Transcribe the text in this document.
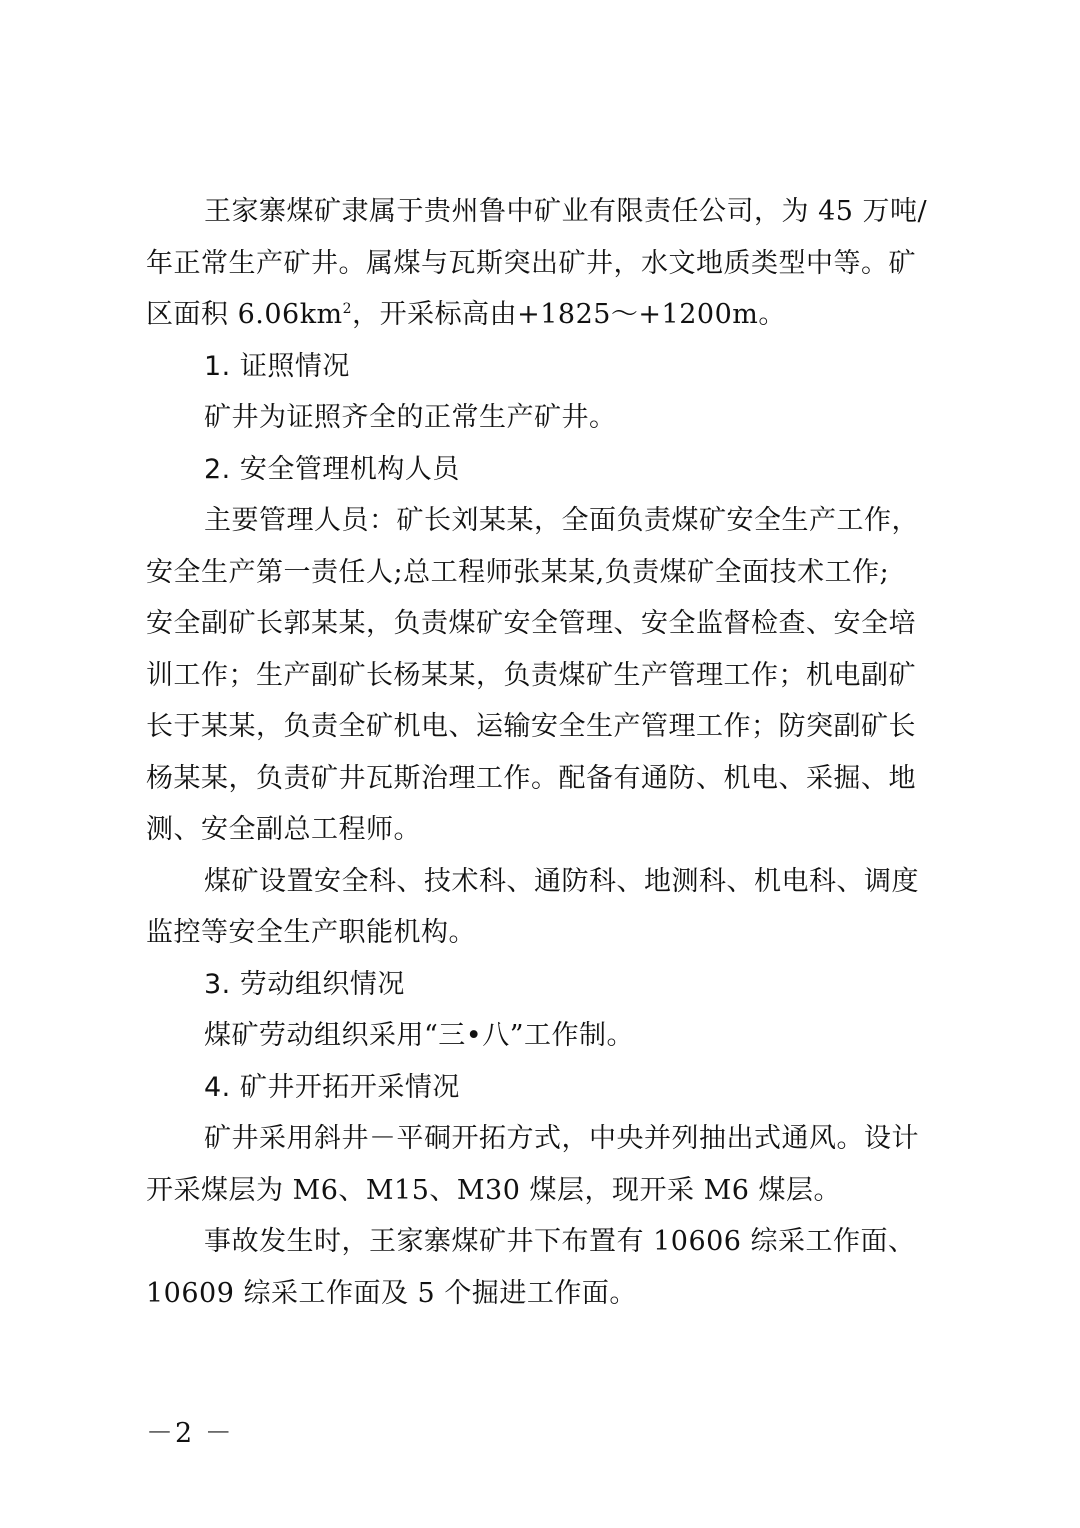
王家寨煤矿隶属于贵州鲁中矿业有限责任公司，为 45 万吨/
年正常生产矿井。属煤与瓦斯突出矿井，水文地质类型中等。矿
区面积 $6.06km^2$，开采标高由+1825～+1200m。
1. 证照情况
矿井为证照齐全的正常生产矿井。
2. 安全管理机构人员
主要管理人员：矿长刘某某，全面负责煤矿安全生产工作，
安全生产第一责任人;总工程师张某某,负责煤矿全面技术工作;
安全副矿长郭某某，负责煤矿安全管理、安全监督检查、安全培
训工作；生产副矿长杨某某，负责煤矿生产管理工作；机电副矿
长于某某，负责全矿机电、运输安全生产管理工作；防突副矿长
杨某某，负责矿井瓦斯治理工作。配备有通防、机电、采掘、地
测、安全副总工程师。
煤矿设置安全科、技术科、通防科、地测科、机电科、调度
监控等安全生产职能机构。
3. 劳动组织情况
煤矿劳动组织采用“三•八”工作制。
4. 矿井开拓开采情况
矿井采用斜井－平硐开拓方式，中央并列抽出式通风。设计
开采煤层为 M6、M15、M30 煤层，现开采 M6 煤层。
事故发生时，王家寨煤矿井下布置有 10606 综采工作面、
10609 综采工作面及 5 个掘进工作面。
－2 －
